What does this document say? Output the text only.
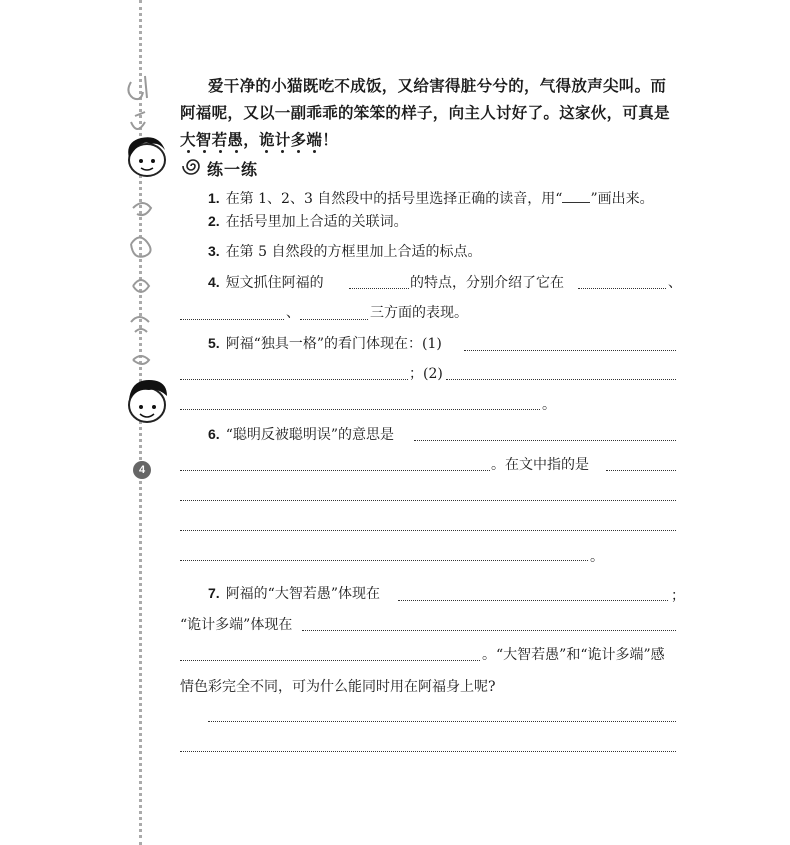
4
爱干净的小猫既吃不成饭，又给害得脏兮兮的，气得放声尖叫。而
阿福呢，又以一副乖乖的笨笨的样子，向主人讨好了。这家伙，可真是
大智若愚，诡计多端！
练一练
1. 在第 1、2、3 自然段中的括号里选择正确的读音，用“ ”画出来。
2. 在括号里加上合适的关联词。
3. 在第 5 自然段的方框里加上合适的标点。
4. 短文抓住阿福的	的特点，分别介绍了它在	、
、	三方面的表现。
5. 阿福“独具一格”的看门体现在：(1)
；(2)
。
6. “聪明反被聪明误”的意思是
。在文中指的是
。
7. 阿福的“大智若愚”体现在	；
“诡计多端”体现在
。“大智若愚”和“诡计多端”感
情色彩完全不同，可为什么能同时用在阿福身上呢?
